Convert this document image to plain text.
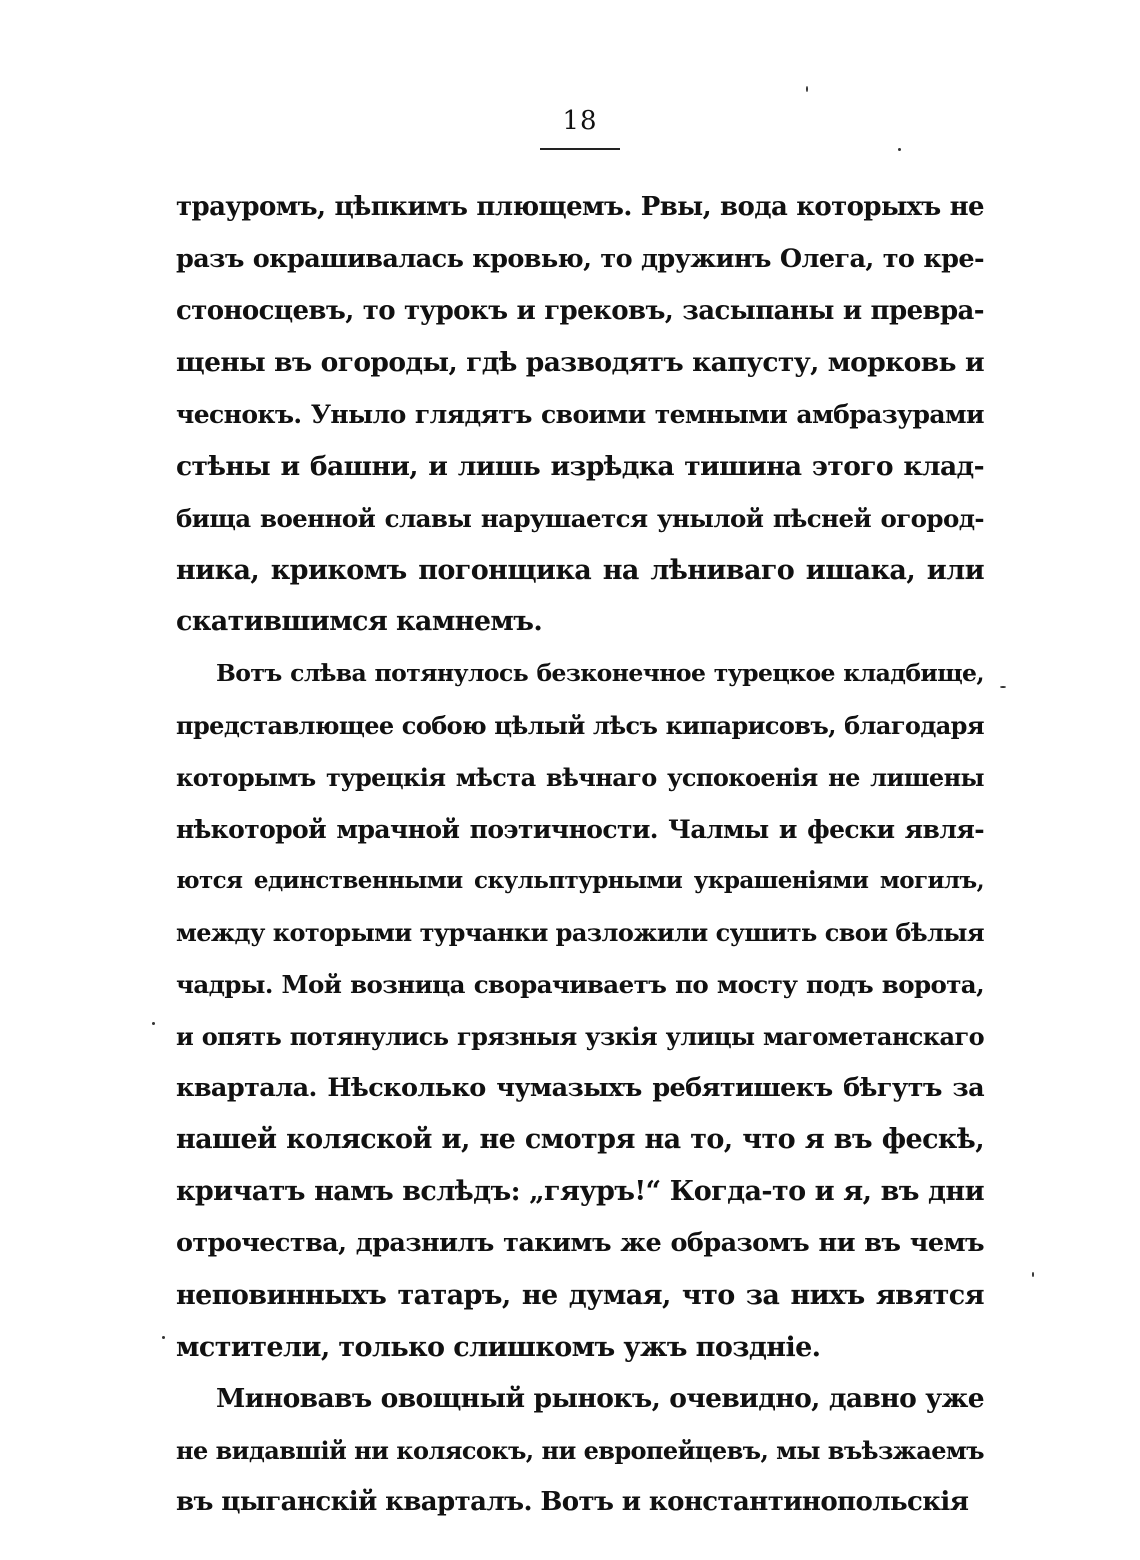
18
трауромъ, цѣпкимъ плющемъ. Рвы, вода которыхъ не
разъ окрашивалась кровью, то дружинъ Олега, то кре-
стоносцевъ, то турокъ и грековъ, засыпаны и превра-
щены въ огороды, гдѣ разводятъ капусту, морковь и
чеснокъ. Уныло глядятъ своими темными амбразурами
стѣны и башни, и лишь изрѣдка тишина этого клад-
бища военной славы нарушается унылой пѣсней огород-
ника, крикомъ погонщика на лѣниваго ишака, или
скатившимся камнемъ.
Вотъ слѣва потянулось безконечное турецкое кладбище,
представлющее собою цѣлый лѣсъ кипарисовъ, благодаря
которымъ турецкія мѣста вѣчнаго успокоенія не лишены
нѣкоторой мрачной поэтичности. Чалмы и фески явля-
ются единственными скульптурными украшеніями могилъ,
между которыми турчанки разложили сушить свои бѣлыя
чадры. Мой возница сворачиваетъ по мосту подъ ворота,
и опять потянулись грязныя узкія улицы магометанскаго
квартала. Нѣсколько чумазыхъ ребятишекъ бѣгутъ за
нашей коляской и, не смотря на то, что я въ фескѣ,
кричатъ намъ вслѣдъ: „гяуръ!“ Когда-то и я, въ дни
отрочества, дразнилъ такимъ же образомъ ни въ чемъ
неповинныхъ татаръ, не думая, что за нихъ явятся
мстители, только слишкомъ ужъ позднiе.
Миновавъ овощный рынокъ, очевидно, давно уже
не видавшiй ни колясокъ, ни европейцевъ, мы въѣзжаемъ
въ цыганскiй кварталъ. Вотъ и константинопольскія
